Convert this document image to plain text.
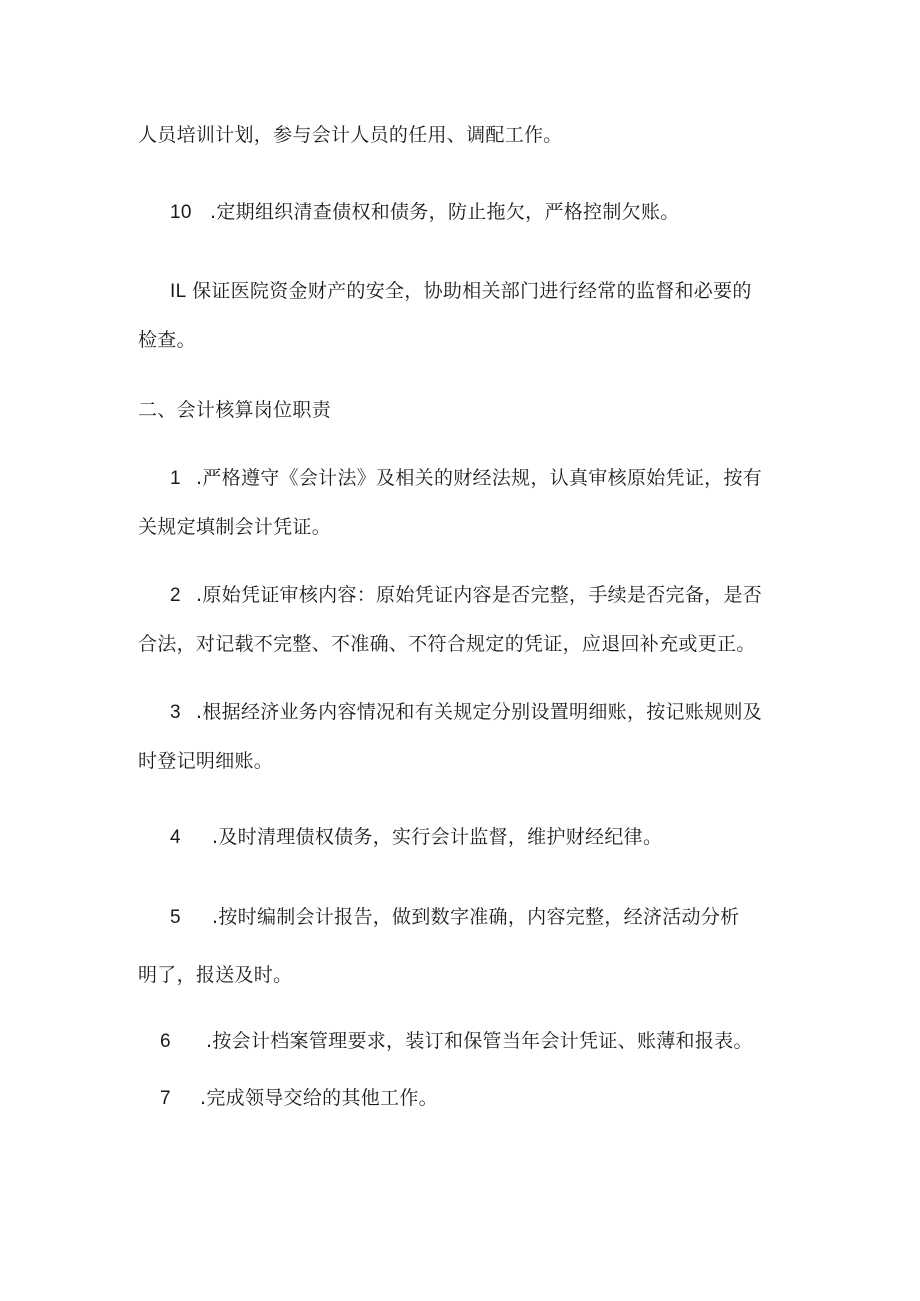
人员培训计划，参与会计人员的任用、调配工作。
10 .定期组织清查债权和债务，防止拖欠，严格控制欠账。
IL 保证医院资金财产的安全，协助相关部门进行经常的监督和必要的
检查。
二、会计核算岗位职责
1 .严格遵守《会计法》及相关的财经法规，认真审核原始凭证，按有
关规定填制会计凭证。
2 .原始凭证审核内容：原始凭证内容是否完整，手续是否完备，是否
合法，对记载不完整、不准确、不符合规定的凭证，应退回补充或更正。
3 .根据经济业务内容情况和有关规定分别设置明细账，按记账规则及
时登记明细账。
4 .及时清理债权债务，实行会计监督，维护财经纪律。
5 .按时编制会计报告，做到数字准确，内容完整，经济活动分析
明了，报送及时。
6 .按会计档案管理要求，装订和保管当年会计凭证、账薄和报表。
7 .完成领导交给的其他工作。
